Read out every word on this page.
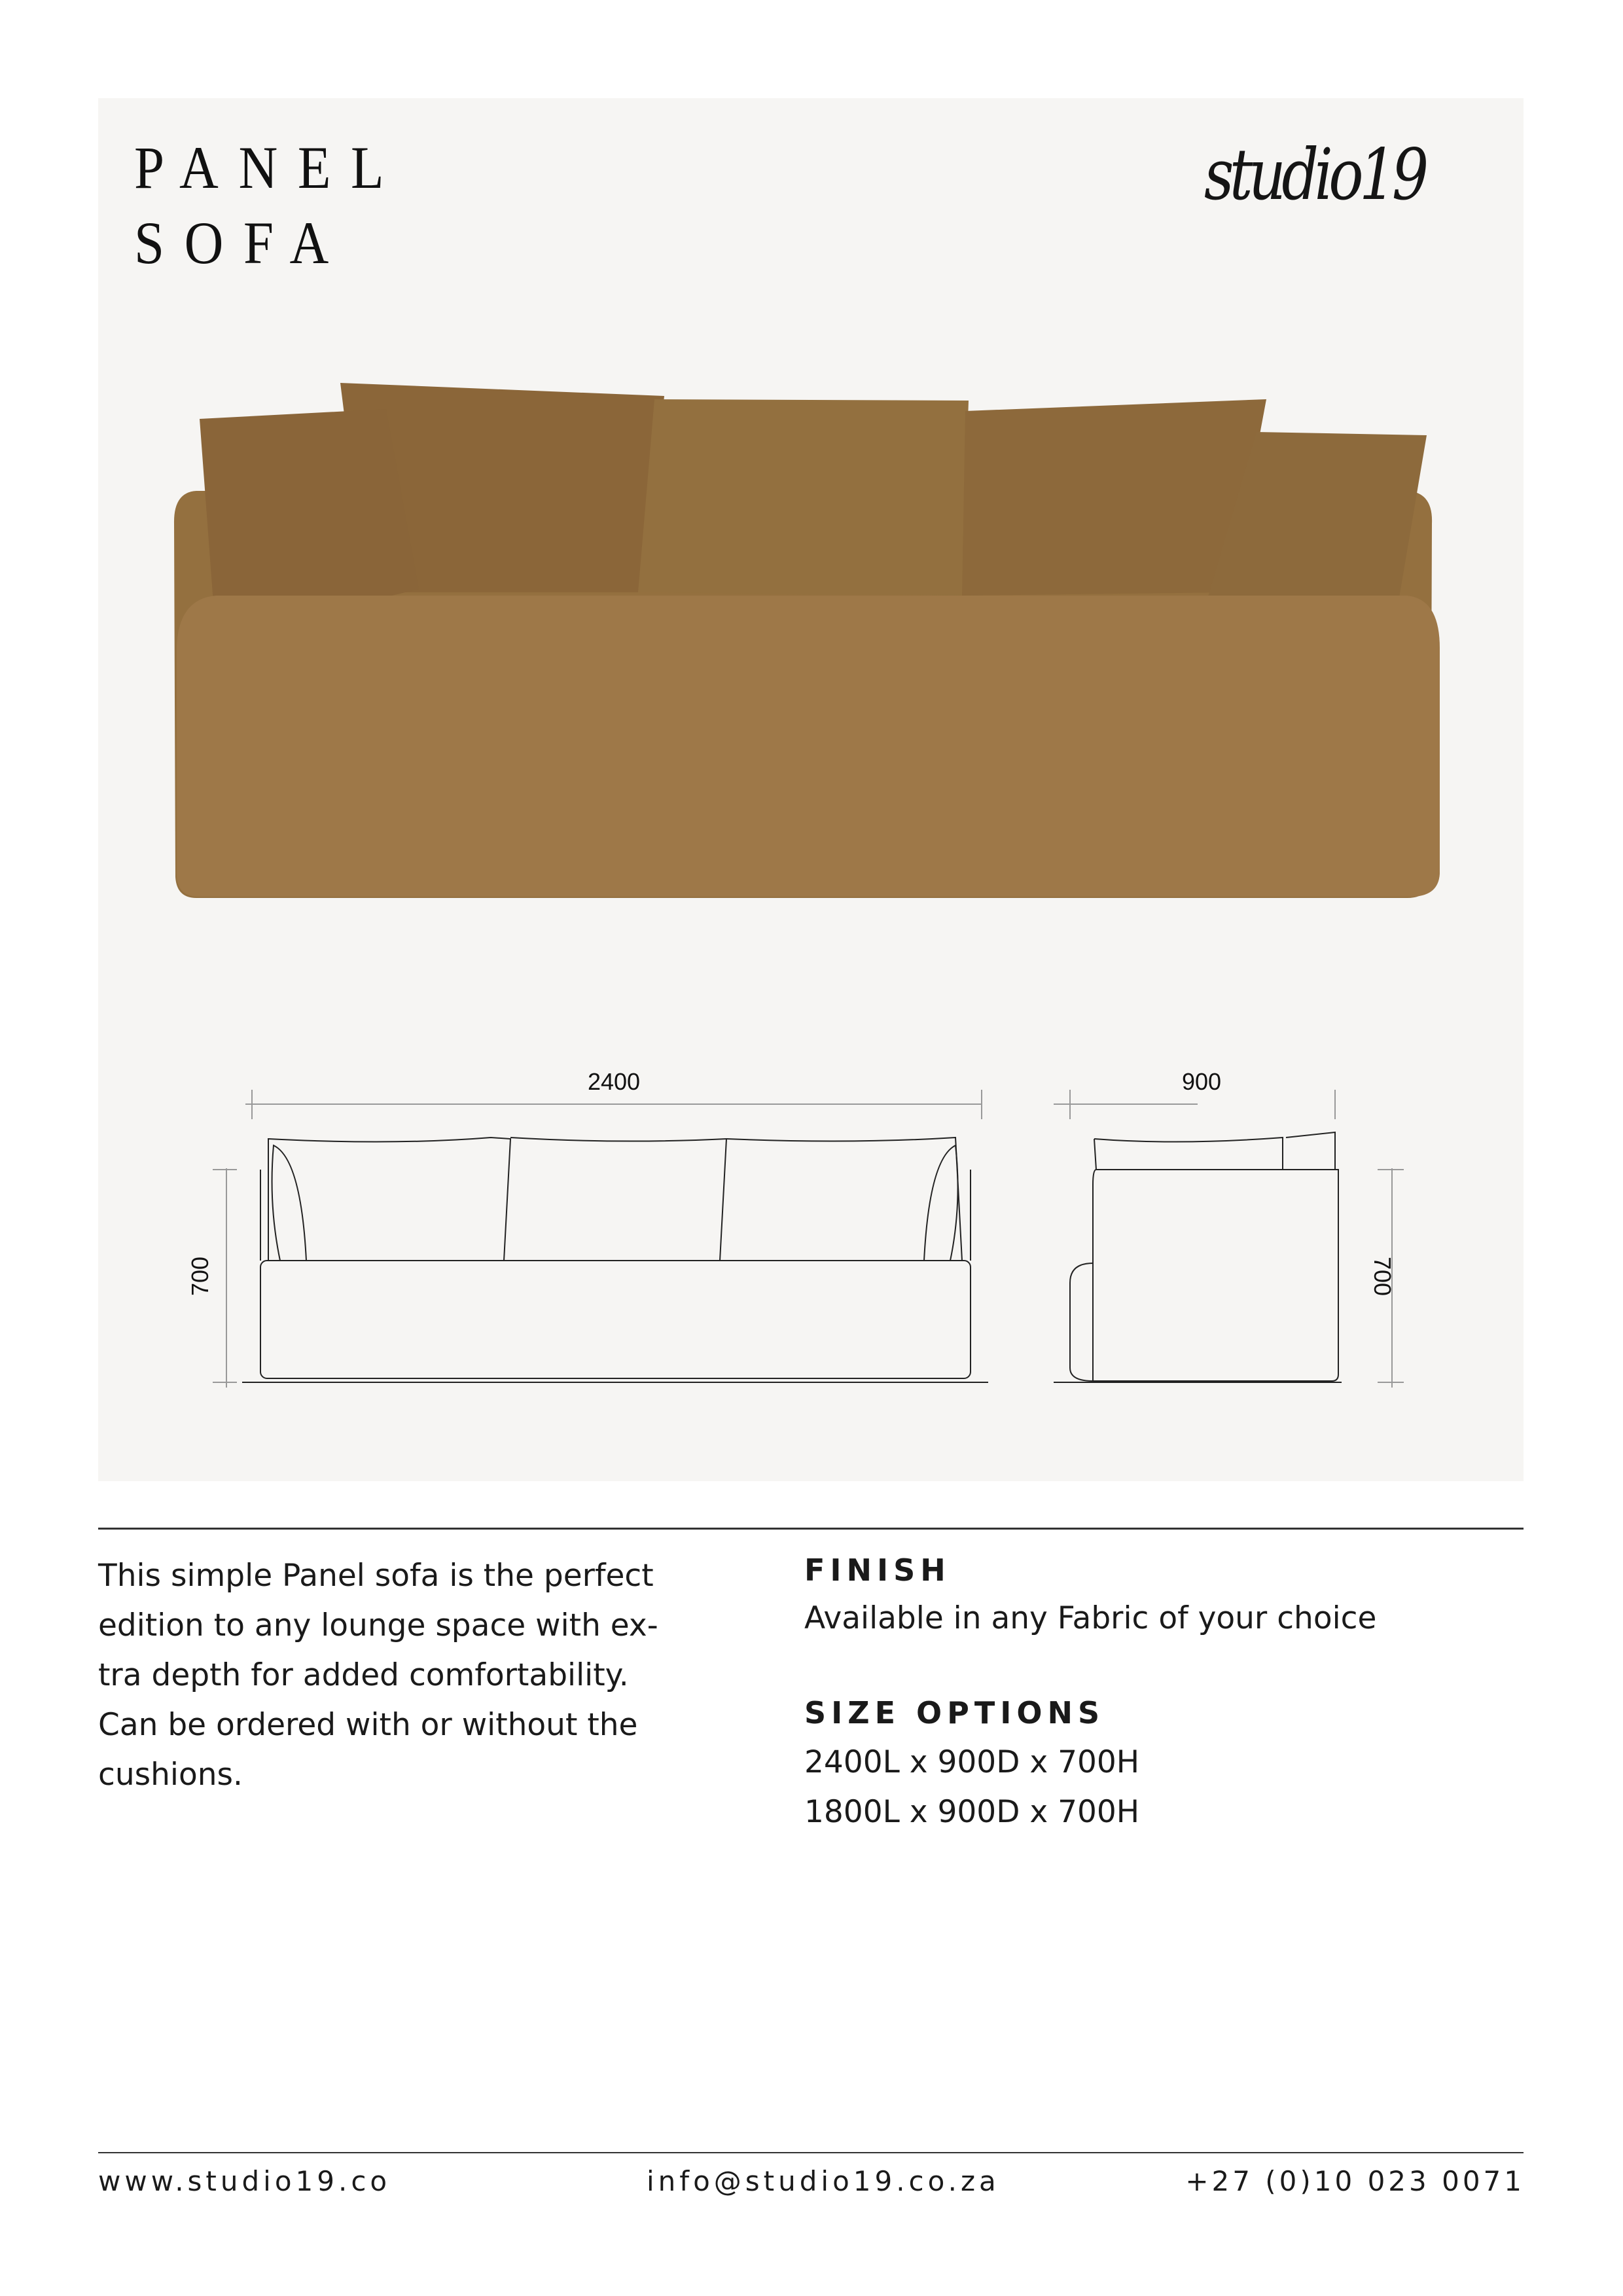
PANEL
SOFA
studio19
2400
700
900
700
This simple Panel sofa is the perfect
edition to any lounge space with ex-
tra depth for added comfortability.
Can be ordered with or without the
cushions.
FINISH
Available in any Fabric of your choice
SIZE OPTIONS
2400L x 900D x 700H
1800L x 900D x 700H
www.studio19.co	info@studio19.co.za	+27 (0)10 023 0071
